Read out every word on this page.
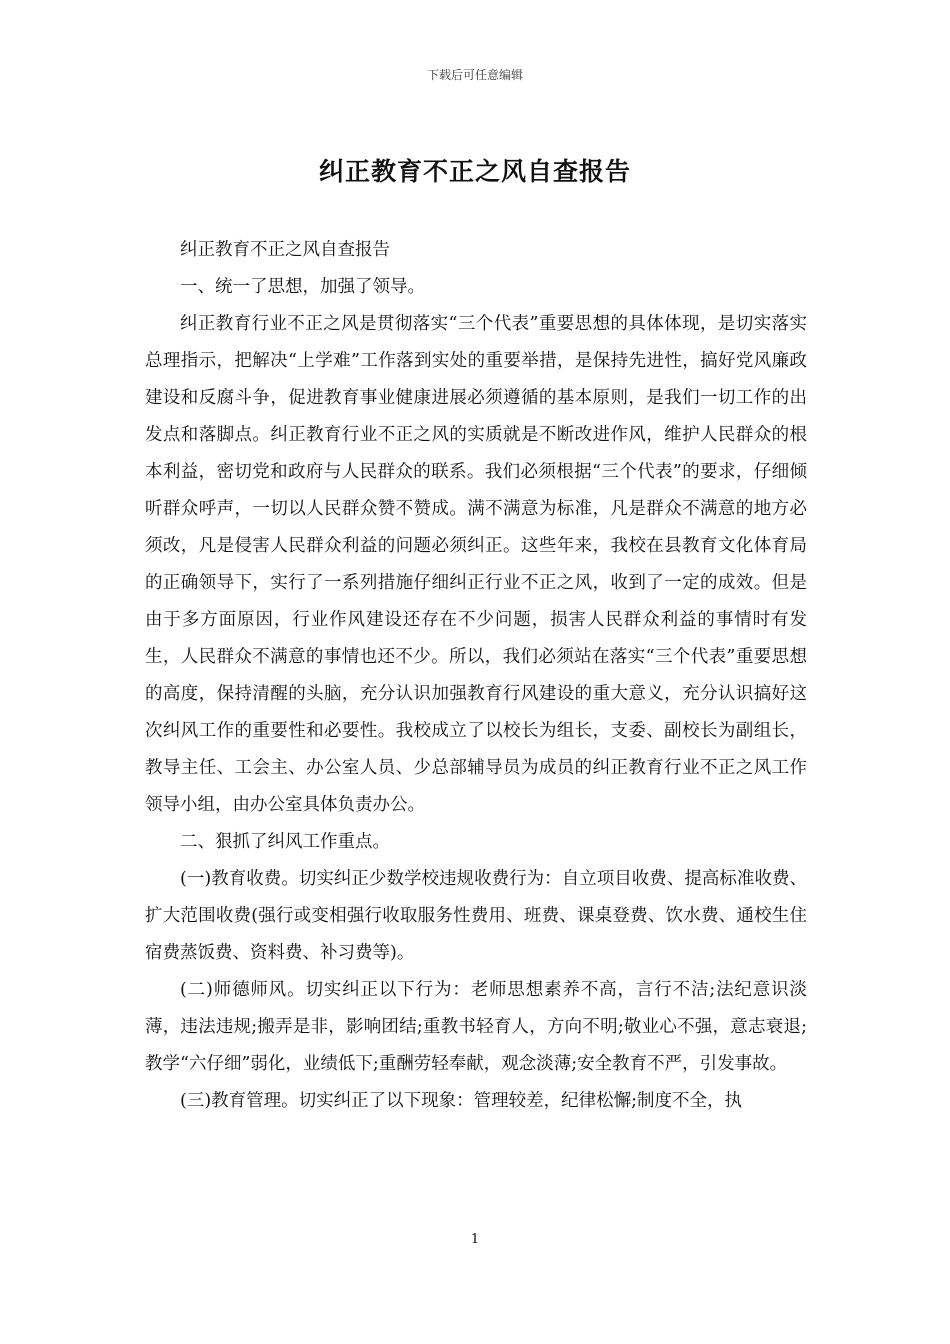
下载后可任意编辑
纠正教育不正之风自查报告

纠正教育不正之风自查报告

一、统一了思想，加强了领导。

纠正教育行业不正之风是贯彻落实“三个代表”重要思想的具体体现，是切实落实总理指示，把解决“上学难”工作落到实处的重要举措，是保持先进性，搞好党风廉政建设和反腐斗争，促进教育事业健康进展必须遵循的基本原则，是我们一切工作的出发点和落脚点。纠正教育行业不正之风的实质就是不断改进作风，维护人民群众的根本利益，密切党和政府与人民群众的联系。我们必须根据“三个代表”的要求，仔细倾听群众呼声，一切以人民群众赞不赞成。满不满意为标准，凡是群众不满意的地方必须改，凡是侵害人民群众利益的问题必须纠正。这些年来，我校在县教育文化体育局的正确领导下，实行了一系列措施仔细纠正行业不正之风，收到了一定的成效。但是由于多方面原因，行业作风建设还存在不少问题，损害人民群众利益的事情时有发生，人民群众不满意的事情也还不少。所以，我们必须站在落实“三个代表”重要思想的高度，保持清醒的头脑，充分认识加强教育行风建设的重大意义，充分认识搞好这次纠风工作的重要性和必要性。我校成立了以校长为组长，支委、副校长为副组长，教导主任、工会主、办公室人员、少总部辅导员为成员的纠正教育行业不正之风工作领导小组，由办公室具体负责办公。

二、狠抓了纠风工作重点。

(一)教育收费。切实纠正少数学校违规收费行为：自立项目收费、提高标准收费、扩大范围收费(强行或变相强行收取服务性费用、班费、课桌登费、饮水费、通校生住宿费蒸饭费、资料费、补习费等)。

(二)师德师风。切实纠正以下行为：老师思想素养不高，言行不洁;法纪意识淡薄，违法违规;搬弄是非，影响团结;重教书轻育人，方向不明;敬业心不强，意志衰退;教学“六仔细”弱化，业绩低下;重酬劳轻奉献，观念淡薄;安全教育不严，引发事故。

(三)教育管理。切实纠正了以下现象：管理较差，纪律松懈;制度不全，执

1
